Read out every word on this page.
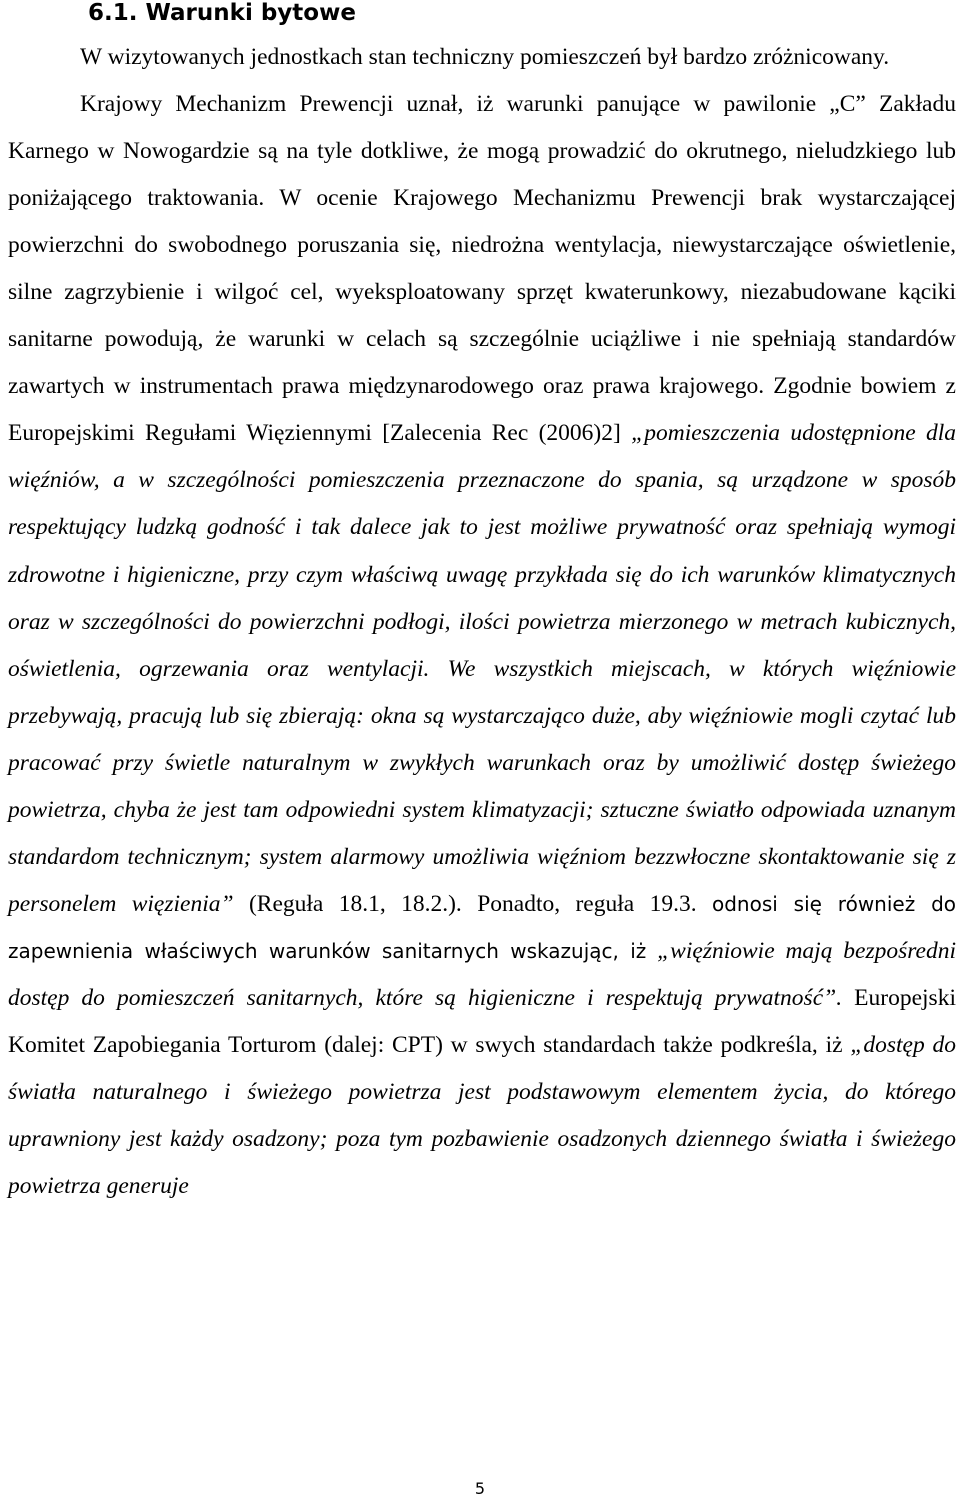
6.1. Warunki bytowe

W wizytowanych jednostkach stan techniczny pomieszczeń był bardzo zróżnicowany.

Krajowy Mechanizm Prewencji uznał, iż warunki panujące w pawilonie „C” Zakładu Karnego w Nowogardzie są na tyle dotkliwe, że mogą prowadzić do okrutnego, nieludzkiego lub poniżającego traktowania. W ocenie Krajowego Mechanizmu Prewencji brak wystarczającej powierzchni do swobodnego poruszania się, niedrożna wentylacja, niewystarczające oświetlenie, silne zagrzybienie i wilgoć cel, wyeksploatowany sprzęt kwaterunkowy, niezabudowane kąciki sanitarne powodują, że warunki w celach są szczególnie uciążliwe i nie spełniają standardów zawartych w instrumentach prawa międzynarodowego oraz prawa krajowego. Zgodnie bowiem z Europejskimi Regułami Więziennymi [Zalecenia Rec (2006)2] „pomieszczenia udostępnione dla więźniów, a w szczególności pomieszczenia przeznaczone do spania, są urządzone w sposób respektujący ludzką godność i tak dalece jak to jest możliwe prywatność oraz spełniają wymogi zdrowotne i higieniczne, przy czym właściwą uwagę przykłada się do ich warunków klimatycznych oraz w szczególności do powierzchni podłogi, ilości powietrza mierzonego w metrach kubicznych, oświetlenia, ogrzewania oraz wentylacji. We wszystkich miejscach, w których więźniowie przebywają, pracują lub się zbierają: okna są wystarczająco duże, aby więźniowie mogli czytać lub pracować przy świetle naturalnym w zwykłych warunkach oraz by umożliwić dostęp świeżego powietrza, chyba że jest tam odpowiedni system klimatyzacji; sztuczne światło odpowiada uznanym standardom technicznym; system alarmowy umożliwia więźniom bezzwłoczne skontaktowanie się z personelem więzienia” (Reguła 18.1, 18.2.). Ponadto, reguła 19.3. odnosi się również do zapewnienia właściwych warunków sanitarnych wskazując, iż „więźniowie mają bezpośredni dostęp do pomieszczeń sanitarnych, które są higieniczne i respektują prywatność”. Europejski Komitet Zapobiegania Torturom (dalej: CPT) w swych standardach także podkreśla, iż „dostęp do światła naturalnego i świeżego powietrza jest podstawowym elementem życia, do którego uprawniony jest każdy osadzony; poza tym pozbawienie osadzonych dziennego światła i świeżego powietrza generuje

5
